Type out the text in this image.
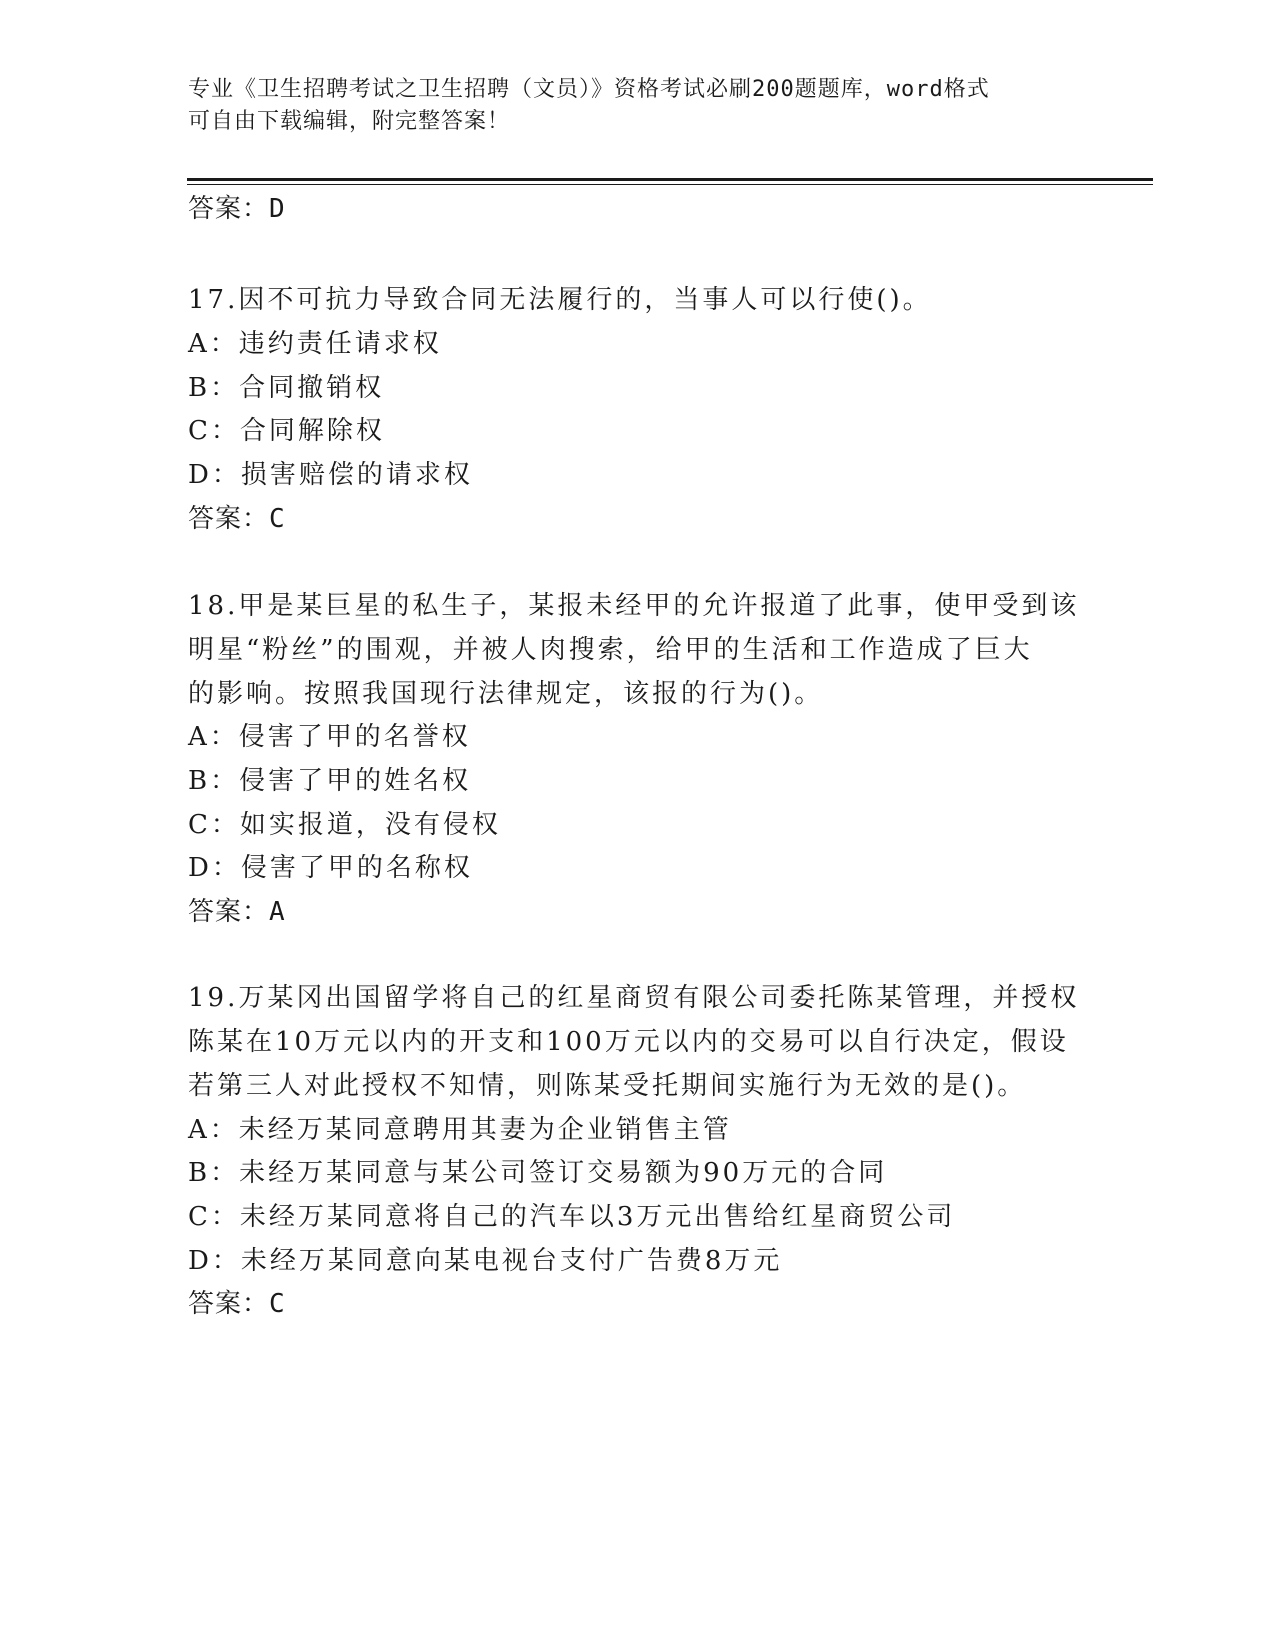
专业《卫生招聘考试之卫生招聘（文员）》资格考试必刷200题题库，word格式
可自由下载编辑，附完整答案！
答案：D
17.因不可抗力导致合同无法履行的，当事人可以行使()。
A：违约责任请求权
B：合同撤销权
C：合同解除权
D：损害赔偿的请求权
答案：C
18.甲是某巨星的私生子，某报未经甲的允许报道了此事，使甲受到该
明星“粉丝”的围观，并被人肉搜索，给甲的生活和工作造成了巨大
的影响。按照我国现行法律规定，该报的行为()。
A：侵害了甲的名誉权
B：侵害了甲的姓名权
C：如实报道，没有侵权
D：侵害了甲的名称权
答案：A
19.万某冈出国留学将自己的红星商贸有限公司委托陈某管理，并授权
陈某在10万元以内的开支和100万元以内的交易可以自行决定，假设
若第三人对此授权不知情，则陈某受托期间实施行为无效的是()。
A：未经万某同意聘用其妻为企业销售主管
B：未经万某同意与某公司签订交易额为90万元的合同
C：未经万某同意将自己的汽车以3万元出售给红星商贸公司
D：未经万某同意向某电视台支付广告费8万元
答案：C
